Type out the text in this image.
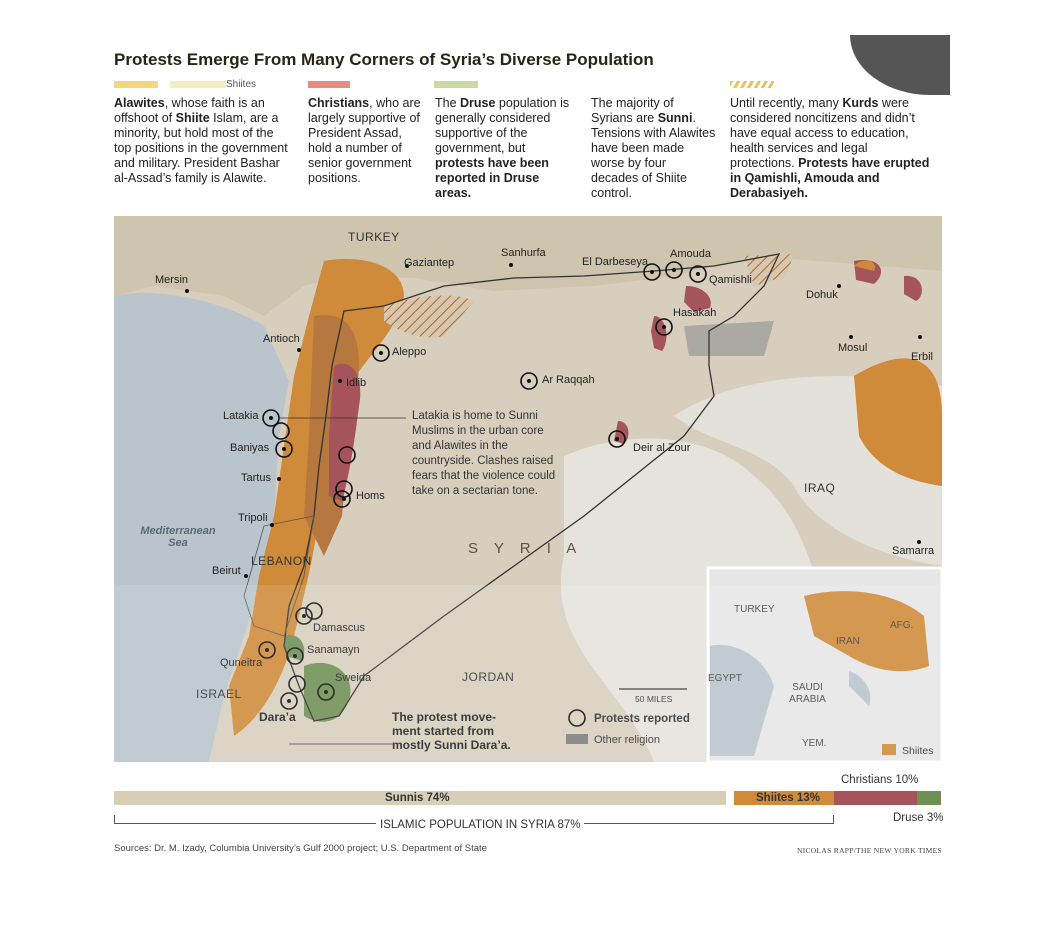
Protests Emerge From Many Corners of Syria’s Diverse Population
Shiites
Alawites, whose faith is an offshoot of Shiite Islam, are a minority, but hold most of the top positions in the government and military. President Bashar al-Assad’s family is Alawite.
Christians, who are largely supportive of President Assad, hold a number of senior government positions.
The Druse population is generally considered supportive of the government, but protests have been reported in Druse areas.
The majority of Syrians are Sunni. Tensions with Alawites have been made worse by four decades of Shiite control.
Until recently, many Kurds were considered noncitizens and didn’t have equal access to education, health services and legal protections. Protests have erupted in Qamishli, Amouda and Derabasiyeh.
TURKEY
Gaziantep
Sanhurfa
El Darbeseya
Amouda
Qamishli
Mersin
Dohuk
Hasakah
Antioch
Aleppo	Mosul
Erbil
Idlib	Ar Raqqah
Latakia
Baniyas	Deir al Zour
Tartus
Homs
IRAQ
Tripoli
Mediterranean Sea	S Y R I A	Samarra
LEBANON
Beirut
Damascus
Sanamayn
Quneitra
Sweida	JORDAN
ISRAEL
Dara’a
Latakia is home to Sunni Muslims in the urban core and Alawites in the countryside. Clashes raised fears that the violence could take on a sectarian tone.
The protest move-
ment started from
mostly Sunni Dara’a.
50 MILES
Protests reported
Other religion
TURKEY
AFG.
IRAN
EGYPT
SAUDI ARABIA
YEM.
Shiites
Christians 10%
Sunnis 74%	Shiites 13%
Druse 3%
ISLAMIC POPULATION IN SYRIA 87%
Sources: Dr. M. Izady, Columbia University’s Gulf 2000 project; U.S. Department of State	NICOLAS RAPP/THE NEW YORK TIMES
